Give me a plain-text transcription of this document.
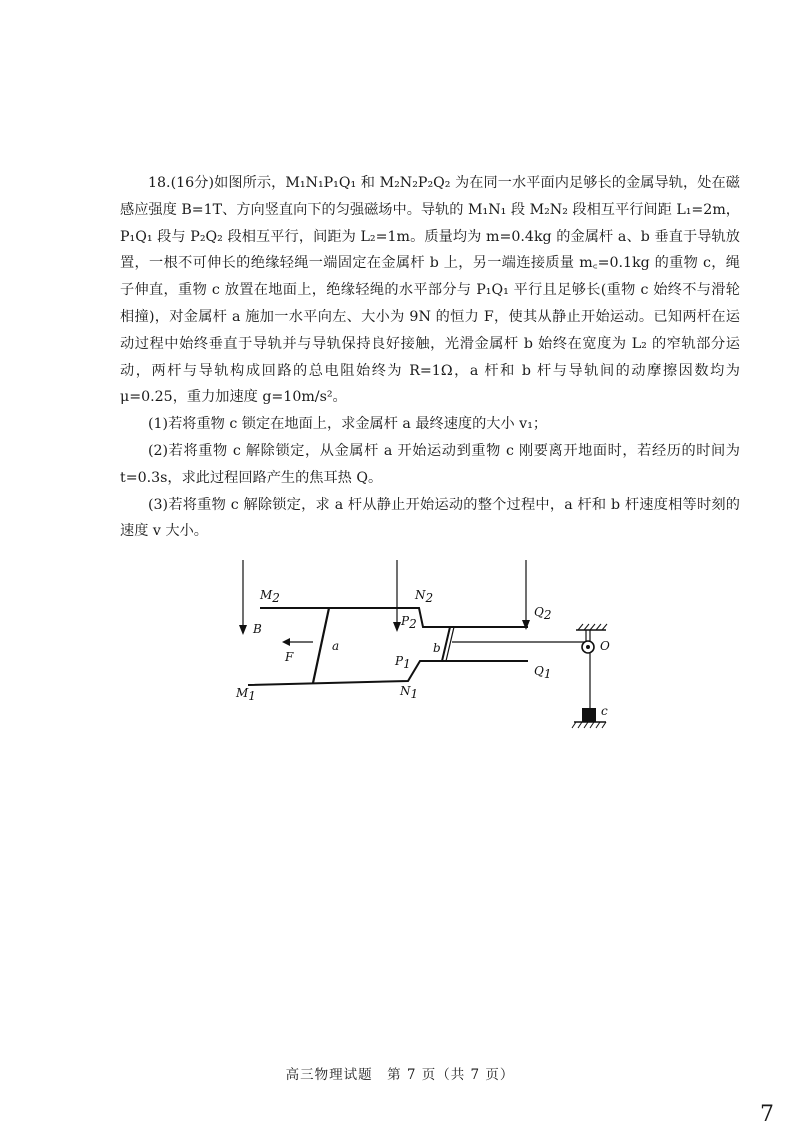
18.(16分)如图所示，M₁N₁P₁Q₁ 和 M₂N₂P₂Q₂ 为在同一水平面内足够长的金属导轨，处在磁感应强度 B=1T、方向竖直向下的匀强磁场中。导轨的 M₁N₁ 段 M₂N₂ 段相互平行间距 L₁=2m，P₁Q₁ 段与 P₂Q₂ 段相互平行，间距为 L₂=1m。质量均为 m=0.4kg 的金属杆 a、b 垂直于导轨放置，一根不可伸长的绝缘轻绳一端固定在金属杆 b 上，另一端连接质量 m꜀=0.1kg 的重物 c，绳子伸直，重物 c 放置在地面上，绝缘轻绳的水平部分与 P₁Q₁ 平行且足够长(重物 c 始终不与滑轮相撞)，对金属杆 a 施加一水平向左、大小为 9N 的恒力 F，使其从静止开始运动。已知两杆在运动过程中始终垂直于导轨并与导轨保持良好接触，光滑金属杆 b 始终在宽度为 L₂ 的窄轨部分运动，两杆与导轨构成回路的总电阻始终为 R=1Ω，a 杆和 b 杆与导轨间的动摩擦因数均为 μ=0.25，重力加速度 g=10m/s²。

(1)若将重物 c 锁定在地面上，求金属杆 a 最终速度的大小 v₁；

(2)若将重物 c 解除锁定，从金属杆 a 开始运动到重物 c 刚要离开地面时，若经历的时间为 t=0.3s，求此过程回路产生的焦耳热 Q。

(3)若将重物 c 解除锁定，求 a 杆从静止开始运动的整个过程中，a 杆和 b 杆速度相等时刻的速度 v 大小。

M2	N2
P2
Q2
B
F
a	b
P1	Q1
O
M1	N1
c
高三物理试题　第 7 页（共 7 页）
7
